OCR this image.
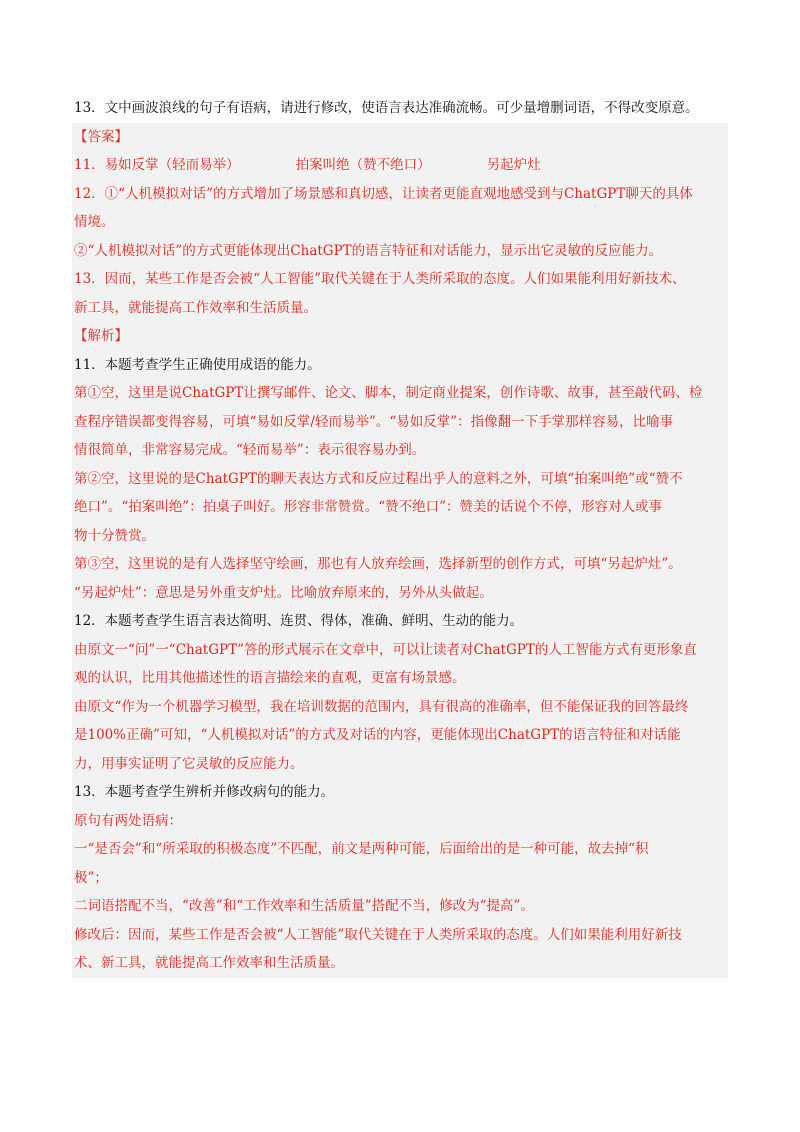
13．文中画波浪线的句子有语病，请进行修改，使语言表达准确流畅。可少量增删词语，不得改变原意。
【答案】
11．易如反掌（轻而易举）	拍案叫绝（赞不绝口）	另起炉灶
12．①“人机模拟对话”的方式增加了场景感和真切感，让读者更能直观地感受到与ChatGPT聊天的具体
情境。
②“人机模拟对话”的方式更能体现出ChatGPT的语言特征和对话能力，显示出它灵敏的反应能力。
13．因而，某些工作是否会被“人工智能”取代关键在于人类所采取的态度。人们如果能利用好新技术、
新工具，就能提高工作效率和生活质量。
【解析】
11．本题考查学生正确使用成语的能力。
第①空，这里是说ChatGPT让撰写邮件、论文、脚本，制定商业提案，创作诗歌、故事，甚至敲代码、检
查程序错误都变得容易，可填“易如反掌/轻而易举”。“易如反掌”：指像翻一下手掌那样容易，比喻事
情很简单，非常容易完成。“轻而易举”：表示很容易办到。
第②空，这里说的是ChatGPT的聊天表达方式和反应过程出乎人的意料之外，可填“拍案叫绝”或“赞不
绝口”。“拍案叫绝”：拍桌子叫好。形容非常赞赏。“赞不绝口”：赞美的话说个不停，形容对人或事
物十分赞赏。
第③空，这里说的是有人选择坚守绘画，那也有人放弃绘画，选择新型的创作方式，可填“另起炉灶”。
“另起炉灶”：意思是另外重支炉灶。比喻放弃原来的，另外从头做起。
12．本题考查学生语言表达简明、连贯、得体，准确、鲜明、生动的能力。
由原文一“问”一“ChatGPT”答的形式展示在文章中，可以让读者对ChatGPT的人工智能方式有更形象直
观的认识，比用其他描述性的语言描绘来的直观，更富有场景感。
由原文“作为一个机器学习模型，我在培训数据的范围内，具有很高的准确率，但不能保证我的回答最终
是100%正确”可知，“人机模拟对话”的方式及对话的内容，更能体现出ChatGPT的语言特征和对话能
力，用事实证明了它灵敏的反应能力。
13．本题考查学生辨析并修改病句的能力。
原句有两处语病：
一“是否会”和“所采取的积极态度”不匹配，前文是两种可能，后面给出的是一种可能，故去掉“积
极”；
二词语搭配不当，“改善”和“工作效率和生活质量”搭配不当，修改为“提高”。
修改后：因而，某些工作是否会被“人工智能”取代关键在于人类所采取的态度。人们如果能利用好新技
术、新工具，就能提高工作效率和生活质量。
